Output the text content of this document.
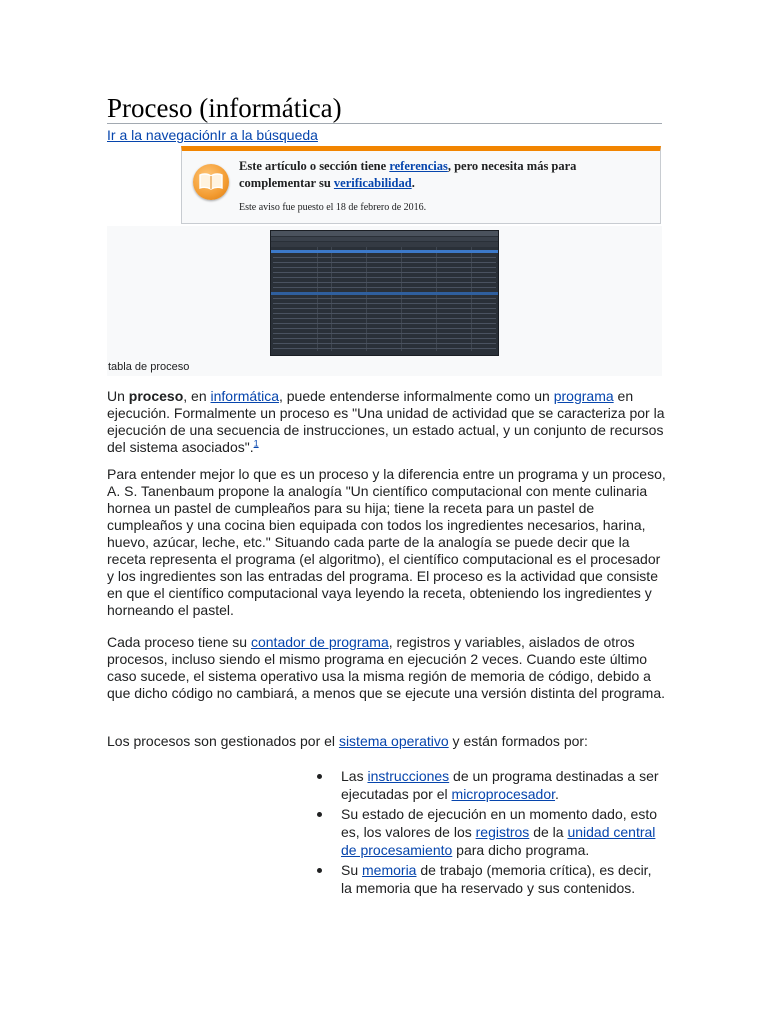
Proceso (informática)
Ir a la navegaciónIr a la búsqueda
Este artículo o sección tiene referencias, pero necesita más para complementar su verificabilidad.
Este aviso fue puesto el 18 de febrero de 2016.
tabla de proceso

Un proceso, en informática, puede entenderse informalmente como un programa en ejecución. Formalmente un proceso es "Una unidad de actividad que se caracteriza por la ejecución de una secuencia de instrucciones, un estado actual, y un conjunto de recursos del sistema asociados".$^1$

Para entender mejor lo que es un proceso y la diferencia entre un programa y un proceso, A. S. Tanenbaum propone la analogía "Un científico computacional con mente culinaria hornea un pastel de cumpleaños para su hija; tiene la receta para un pastel de cumpleaños y una cocina bien equipada con todos los ingredientes necesarios, harina, huevo, azúcar, leche, etc." Situando cada parte de la analogía se puede decir que la receta representa el programa (el algoritmo), el científico computacional es el procesador y los ingredientes son las entradas del programa. El proceso es la actividad que consiste en que el científico computacional vaya leyendo la receta, obteniendo los ingredientes y horneando el pastel.

Cada proceso tiene su contador de programa, registros y variables, aislados de otros procesos, incluso siendo el mismo programa en ejecución 2 veces. Cuando este último caso sucede, el sistema operativo usa la misma región de memoria de código, debido a que dicho código no cambiará, a menos que se ejecute una versión distinta del programa.

Los procesos son gestionados por el sistema operativo y están formados por:

Las instrucciones de un programa destinadas a ser ejecutadas por el microprocesador.
Su estado de ejecución en un momento dado, esto es, los valores de los registros de la unidad central de procesamiento para dicho programa.
Su memoria de trabajo (memoria crítica), es decir, la memoria que ha reservado y sus contenidos.
